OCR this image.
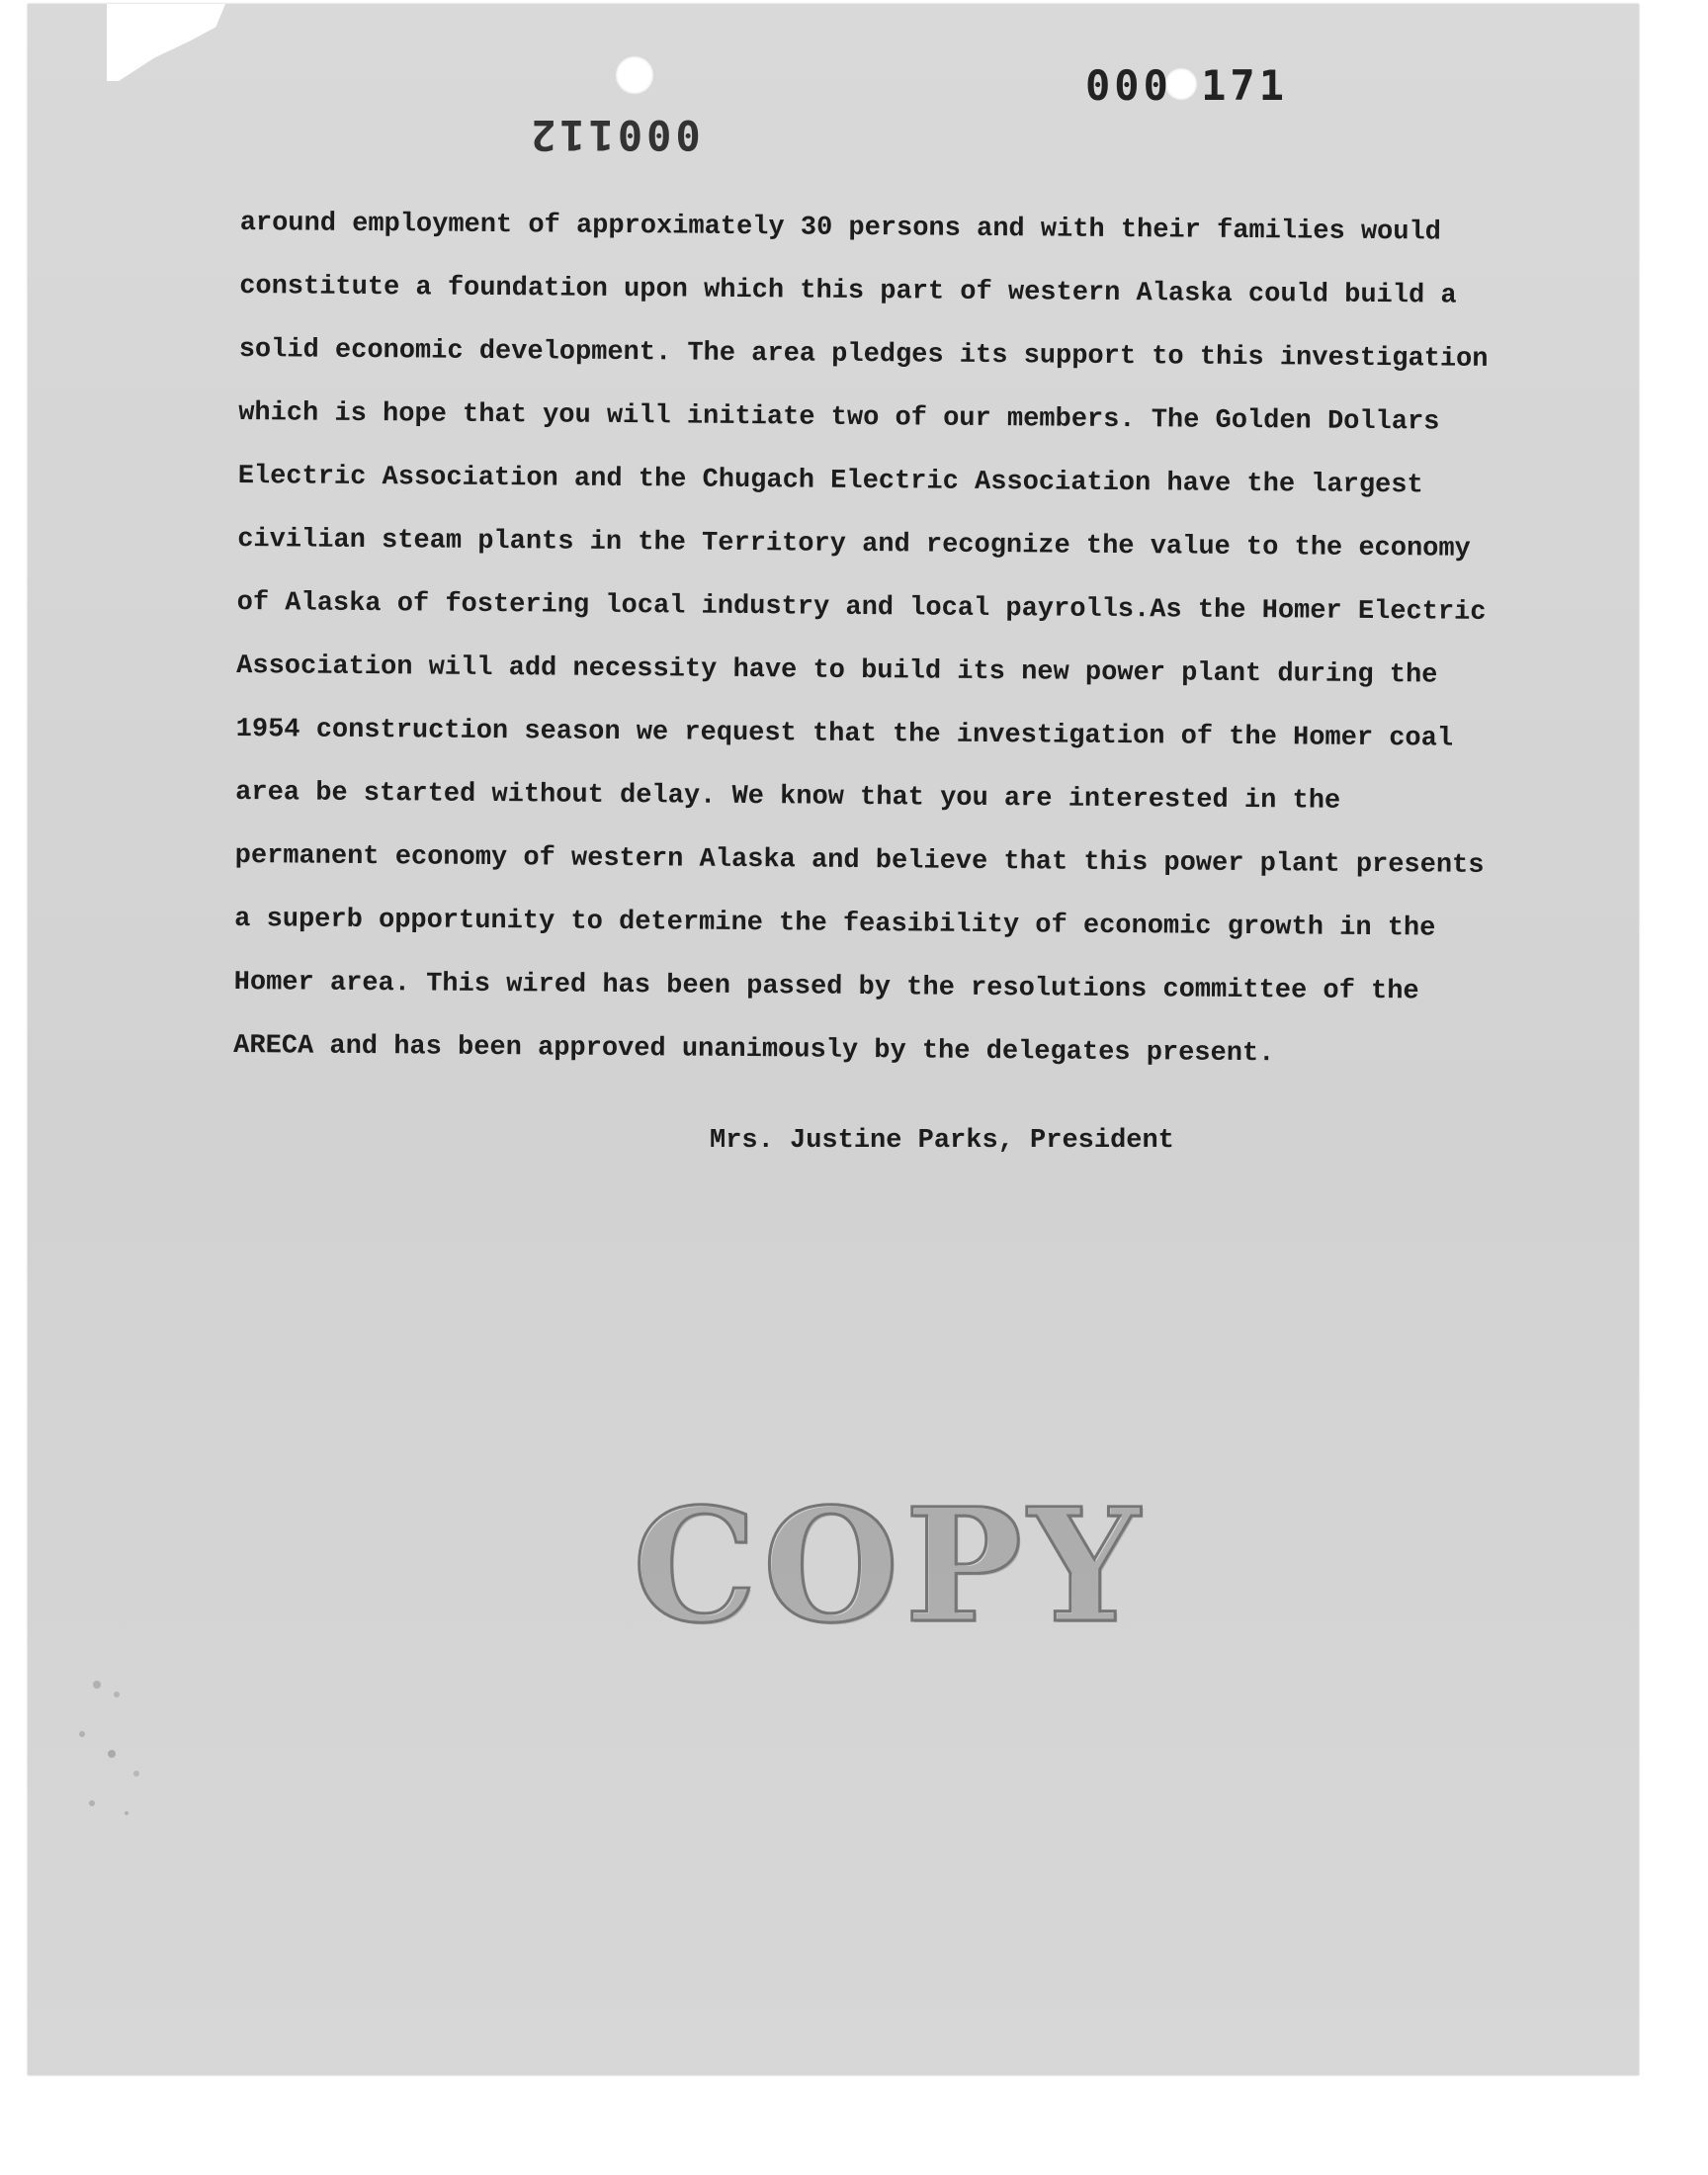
000 171
000112
around employment of approximately 30 persons and with their families would
constitute a foundation upon which this part of western Alaska could build a
solid economic development. The area pledges its support to this investigation
which is hope that you will initiate two of our members. The Golden Dollars
Electric Association and the Chugach Electric Association have the largest
civilian steam plants in the Territory and recognize the value to the economy
of Alaska of fostering local industry and local payrolls.As the Homer Electric
Association will add necessity have to build its new power plant during the
1954 construction season we request that the investigation of the Homer coal
area be started without delay. We know that you are interested in the
permanent economy of western Alaska and believe that this power plant presents
a superb opportunity to determine the feasibility of economic growth in the
Homer area. This wired has been passed by the resolutions committee of the
ARECA and has been approved unanimously by the delegates present.
Mrs. Justine Parks, President
COPY
